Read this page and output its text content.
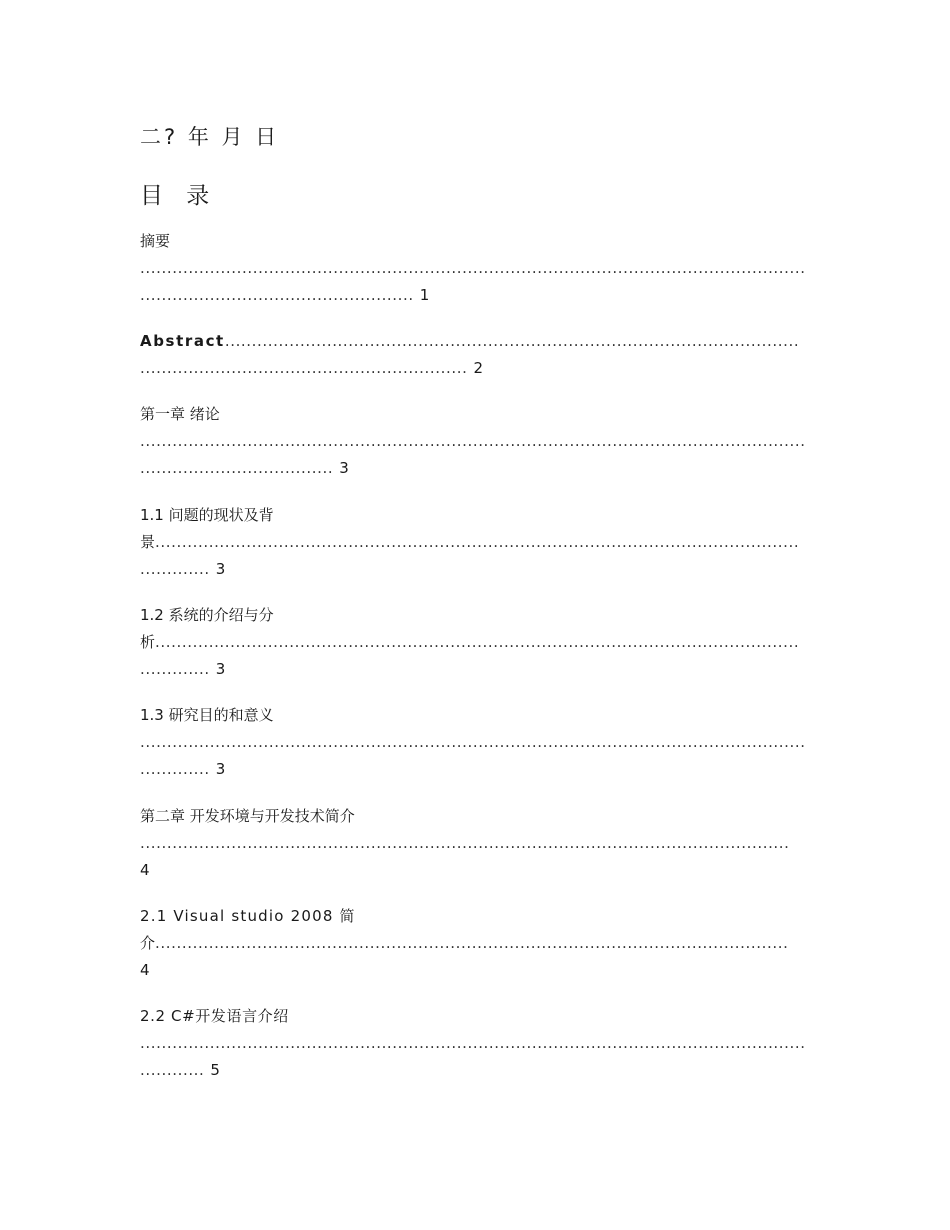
二? 年 月 日
目 录
摘要
............................................................................................................................
................................................... 1
Abstract...........................................................................................................
............................................................. 2
第一章 绪论
............................................................................................................................
.................................... 3
1.1 问题的现状及背
景........................................................................................................................
............. 3
1.2 系统的介绍与分
析........................................................................................................................
............. 3
1.3 研究目的和意义
............................................................................................................................
............. 3
第二章 开发环境与开发技术简介
.........................................................................................................................
4
2.1 Visual studio 2008 简
介......................................................................................................................
4
2.2 C#开发语言介绍
............................................................................................................................
............ 5
